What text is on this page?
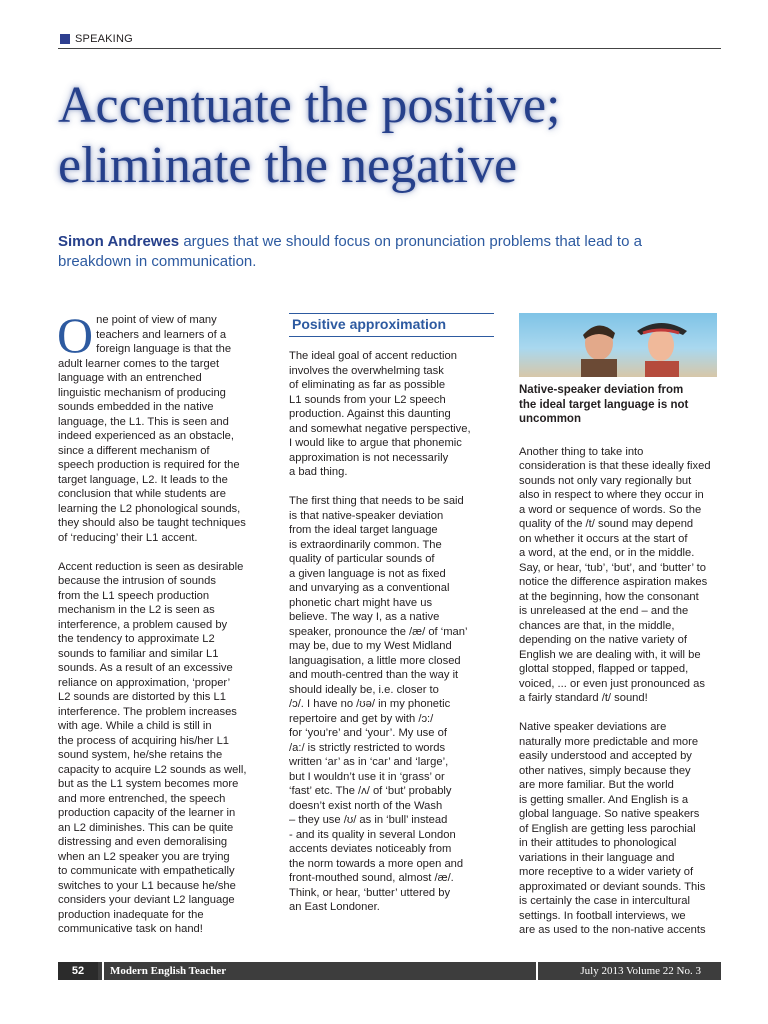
SPEAKING
Accentuate the positive;
eliminate the negative
Simon Andrewes argues that we should focus on pronunciation problems that lead to a breakdown in communication.
O ne point of view of many
teachers and learners of a
foreign language is that the
adult learner comes to the target
language with an entrenched
linguistic mechanism of producing
sounds embedded in the native
language, the L1. This is seen and
indeed experienced as an obstacle,
since a different mechanism of
speech production is required for the
target language, L2. It leads to the
conclusion that while students are
learning the L2 phonological sounds,
they should also be taught techniques
of ‘reducing’ their L1 accent.

Accent reduction is seen as desirable
because the intrusion of sounds
from the L1 speech production
mechanism in the L2 is seen as
interference, a problem caused by
the tendency to approximate L2
sounds to familiar and similar L1
sounds. As a result of an excessive
reliance on approximation, ‘proper’
L2 sounds are distorted by this L1
interference. The problem increases
with age. While a child is still in
the process of acquiring his/her L1
sound system, he/she retains the
capacity to acquire L2 sounds as well,
but as the L1 system becomes more
and more entrenched, the speech
production capacity of the learner in
an L2 diminishes. This can be quite
distressing and even demoralising
when an L2 speaker you are trying
to communicate with empathetically
switches to your L1 because he/she
considers your deviant L2 language
production inadequate for the
communicative task on hand!

Positive approximation

The ideal goal of accent reduction
involves the overwhelming task
of eliminating as far as possible
L1 sounds from your L2 speech
production. Against this daunting
and somewhat negative perspective,
I would like to argue that phonemic
approximation is not necessarily
a bad thing.

The first thing that needs to be said
is that native-speaker deviation
from the ideal target language
is extraordinarily common. The
quality of particular sounds of
a given language is not as fixed
and unvarying as a conventional
phonetic chart might have us
believe. The way I, as a native
speaker, pronounce the /æ/ of ‘man’
may be, due to my West Midland
languagisation, a little more closed
and mouth-centred than the way it
should ideally be, i.e. closer to
/ɔ/. I have no /ʊə/ in my phonetic
repertoire and get by with /ɔ:/
for ‘you’re’ and ‘your’. My use of
/a:/ is strictly restricted to words
written ‘ar’ as in ‘car’ and ‘large’,
but I wouldn’t use it in ‘grass’ or
‘fast’ etc. The /ʌ/ of ‘but’ probably
doesn’t exist north of the Wash
– they use /ʊ/ as in ‘bull’ instead
- and its quality in several London
accents deviates noticeably from
the norm towards a more open and
front-mouthed sound, almost /æ/.
Think, or hear, ‘butter’ uttered by
an East Londoner.

Native-speaker deviation from
the ideal target language is not
uncommon

Another thing to take into
consideration is that these ideally fixed
sounds not only vary regionally but
also in respect to where they occur in
a word or sequence of words. So the
quality of the /t/ sound may depend
on whether it occurs at the start of
a word, at the end, or in the middle.
Say, or hear, ‘tub’, ‘but’, and ‘butter’ to
notice the difference aspiration makes
at the beginning, how the consonant
is unreleased at the end – and the
chances are that, in the middle,
depending on the native variety of
English we are dealing with, it will be
glottal stopped, flapped or tapped,
voiced, ... or even just pronounced as
a fairly standard /t/ sound!

Native speaker deviations are
naturally more predictable and more
easily understood and accepted by
other natives, simply because they
are more familiar. But the world
is getting smaller. And English is a
global language. So native speakers
of English are getting less parochial
in their attitudes to phonological
variations in their language and
more receptive to a wider variety of
approximated or deviant sounds. This
is certainly the case in intercultural
settings. In football interviews, we
are as used to the non-native accents

52	Modern English Teacher	July 2013 Volume 22 No. 3
